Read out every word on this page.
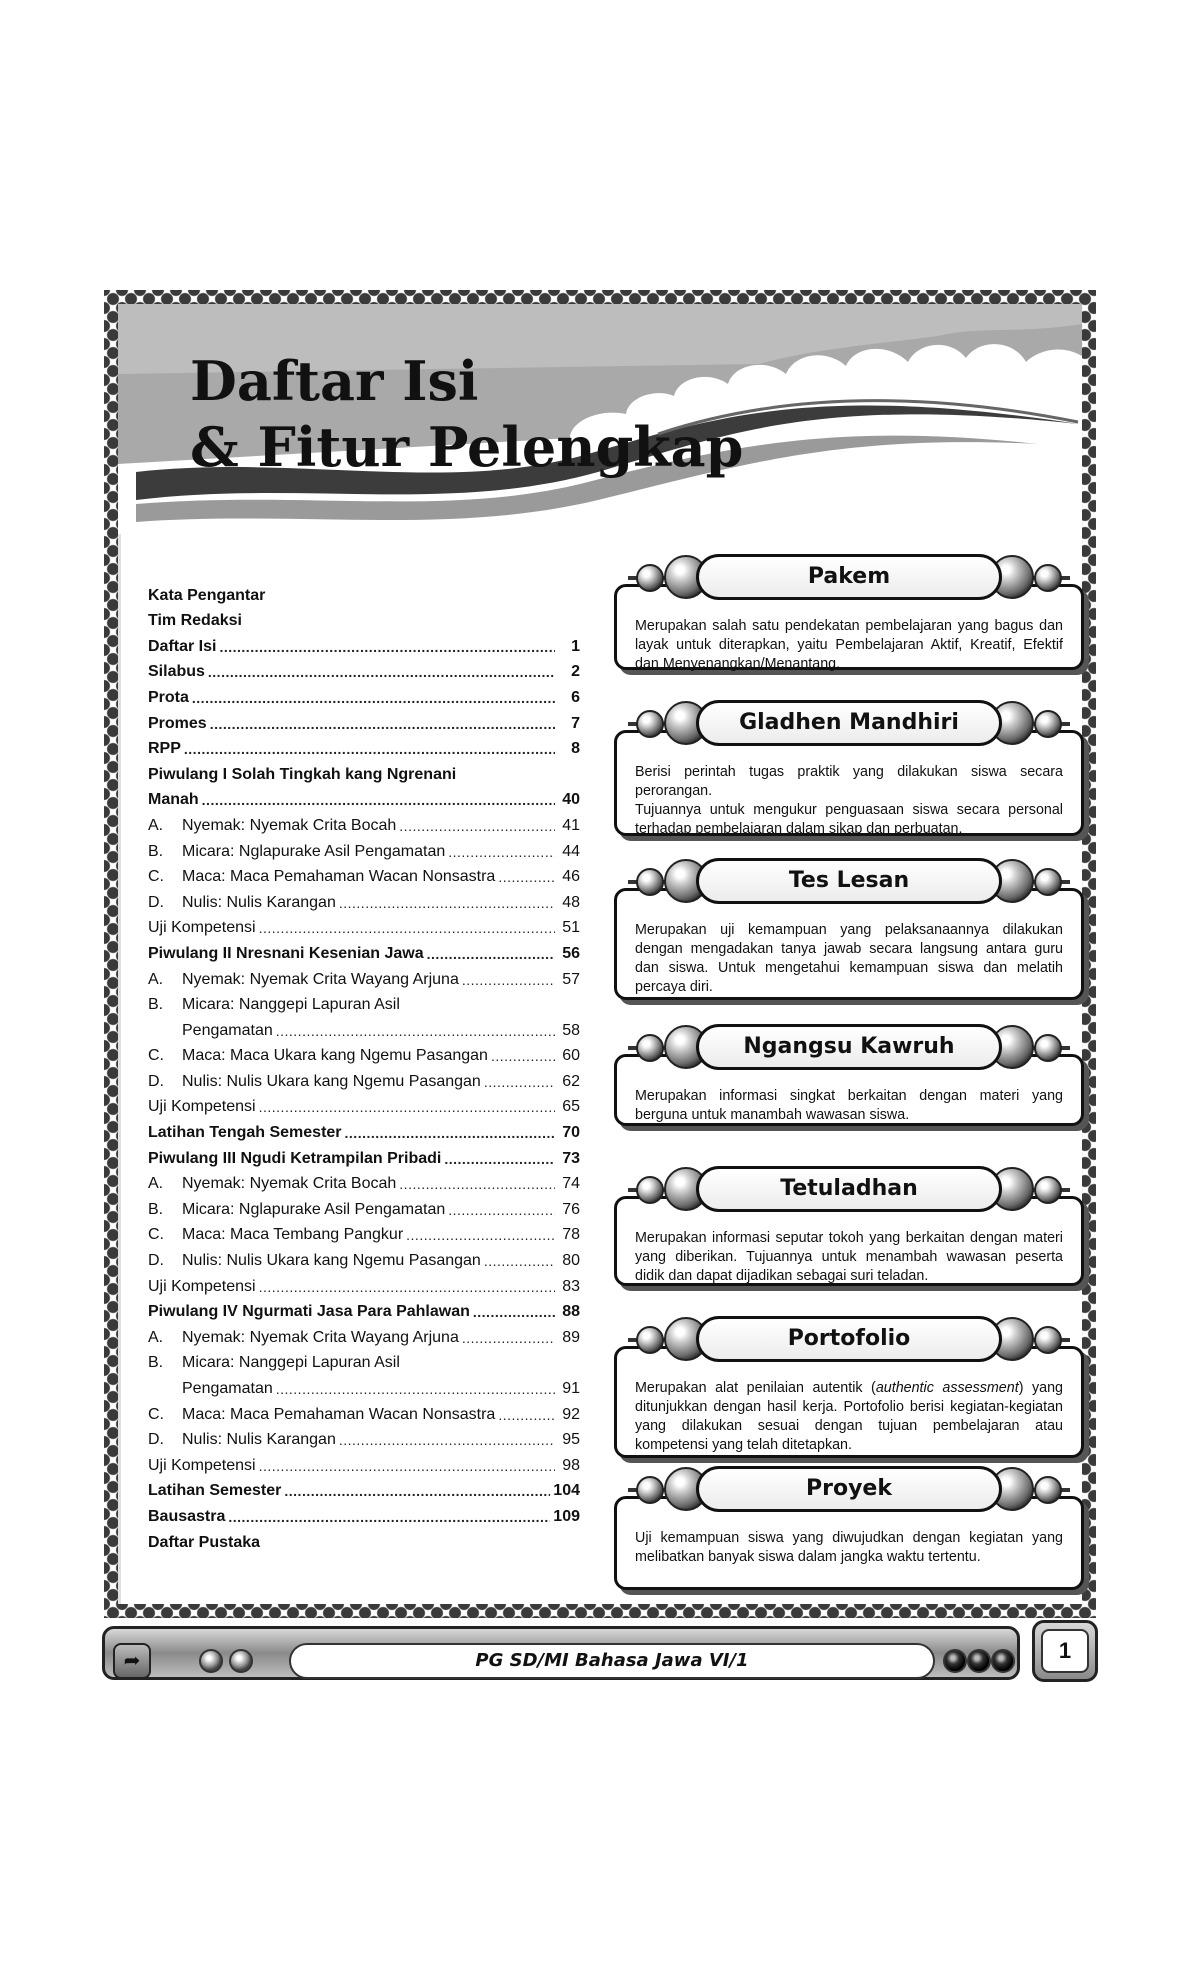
Daftar Isi
& Fitur Pelengkap
Kata Pengantar
Tim Redaksi
Daftar Isi .....	1
Silabus .....	2
Prota .....	6
Promes .....	7
RPP .....	8
Piwulang I Solah Tingkah kang Ngrenani
Manah .....	40
A.	Nyemak: Nyemak Crita Bocah .....	41
B.	Micara: Nglapurake Asil Pengamatan .....	44
C.	Maca: Maca Pemahaman Wacan Nonsastra .....	46
D.	Nulis: Nulis Karangan .....	48
Uji Kompetensi .....	51
Piwulang II Nresnani Kesenian Jawa .....	56
A.	Nyemak: Nyemak Crita Wayang Arjuna .....	57
B.	Micara: Nanggepi Lapuran Asil
Pengamatan .....	58
C.	Maca: Maca Ukara kang Ngemu Pasangan .....	60
D.	Nulis: Nulis Ukara kang Ngemu Pasangan .....	62
Uji Kompetensi .....	65
Latihan Tengah Semester .....	70
Piwulang III Ngudi Ketrampilan Pribadi .....	73
A.	Nyemak: Nyemak Crita Bocah .....	74
B.	Micara: Nglapurake Asil Pengamatan .....	76
C.	Maca: Maca Tembang Pangkur .....	78
D.	Nulis: Nulis Ukara kang Ngemu Pasangan .....	80
Uji Kompetensi .....	83
Piwulang IV Ngurmati Jasa Para Pahlawan .....	88
A.	Nyemak: Nyemak Crita Wayang Arjuna .....	89
B.	Micara: Nanggepi Lapuran Asil
Pengamatan .....	91
C.	Maca: Maca Pemahaman Wacan Nonsastra .....	92
D.	Nulis: Nulis Karangan .....	95
Uji Kompetensi .....	98
Latihan Semester .....	104
Bausastra .....	109
Daftar Pustaka

Merupakan salah satu pendekatan pembelajaran yang bagus dan layak untuk diterapkan, yaitu Pembelajaran Aktif, Kreatif, Efektif dan Menyenangkan/Menantang.

Pakem

Berisi perintah tugas praktik yang dilakukan siswa secara perorangan.

Tujuannya untuk mengukur penguasaan siswa secara personal terhadap pembelajaran dalam sikap dan perbuatan.

Gladhen Mandhiri

Merupakan uji kemampuan yang pelaksanaannya dilakukan dengan mengadakan tanya jawab secara langsung antara guru dan siswa. Untuk mengetahui kemampuan siswa dan melatih percaya diri.

Tes Lesan

Merupakan informasi singkat berkaitan dengan materi yang berguna untuk manambah wawasan siswa.

Ngangsu Kawruh

Merupakan informasi seputar tokoh yang berkaitan dengan materi yang diberikan. Tujuannya untuk menambah wawasan peserta didik dan dapat dijadikan sebagai suri teladan.

Tetuladhan

Merupakan alat penilaian autentik (authentic assessment) yang ditunjukkan dengan hasil kerja. Portofolio berisi kegiatan-kegiatan yang dilakukan sesuai dengan tujuan pembelajaran atau kompetensi yang telah ditetapkan.

Portofolio

Uji kemampuan siswa yang diwujudkan dengan kegiatan yang melibatkan banyak siswa dalam jangka waktu tertentu.

Proyek
➦	PG SD/MI Bahasa Jawa VI/1	1
